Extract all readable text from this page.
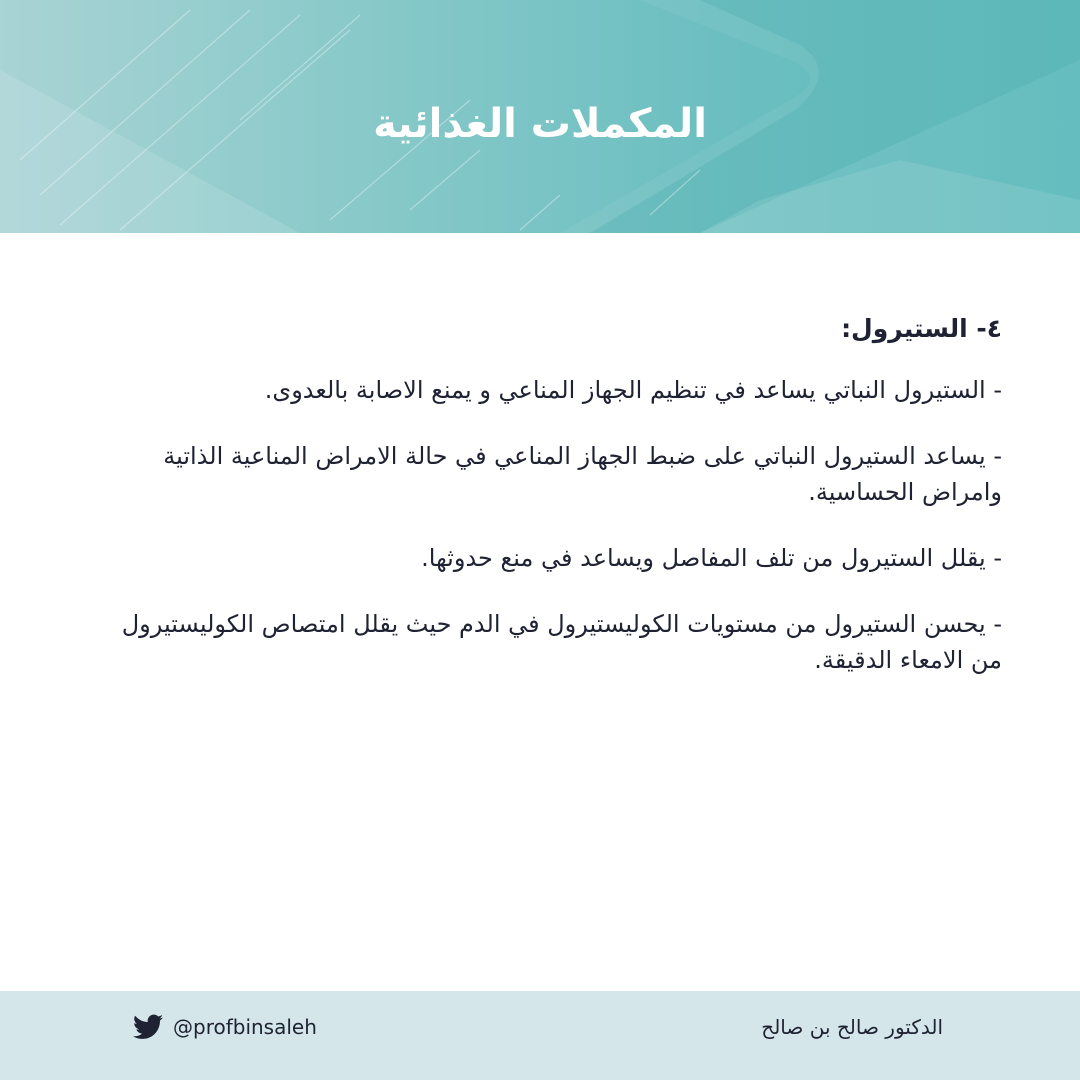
المكملات الغذائية
٤- الستيرول:
- الستيرول النباتي يساعد في تنظيم الجهاز المناعي و يمنع الاصابة بالعدوى.
- يساعد الستيرول النباتي على ضبط الجهاز المناعي في حالة الامراض المناعية الذاتية وامراض الحساسية.
- يقلل الستيرول من تلف المفاصل ويساعد في منع حدوثها.
- يحسن الستيرول من مستويات الكوليستيرول في الدم حيث يقلل امتصاص الكوليستيرول من الامعاء الدقيقة.
@profbinsaleh	الدكتور صالح بن صالح
